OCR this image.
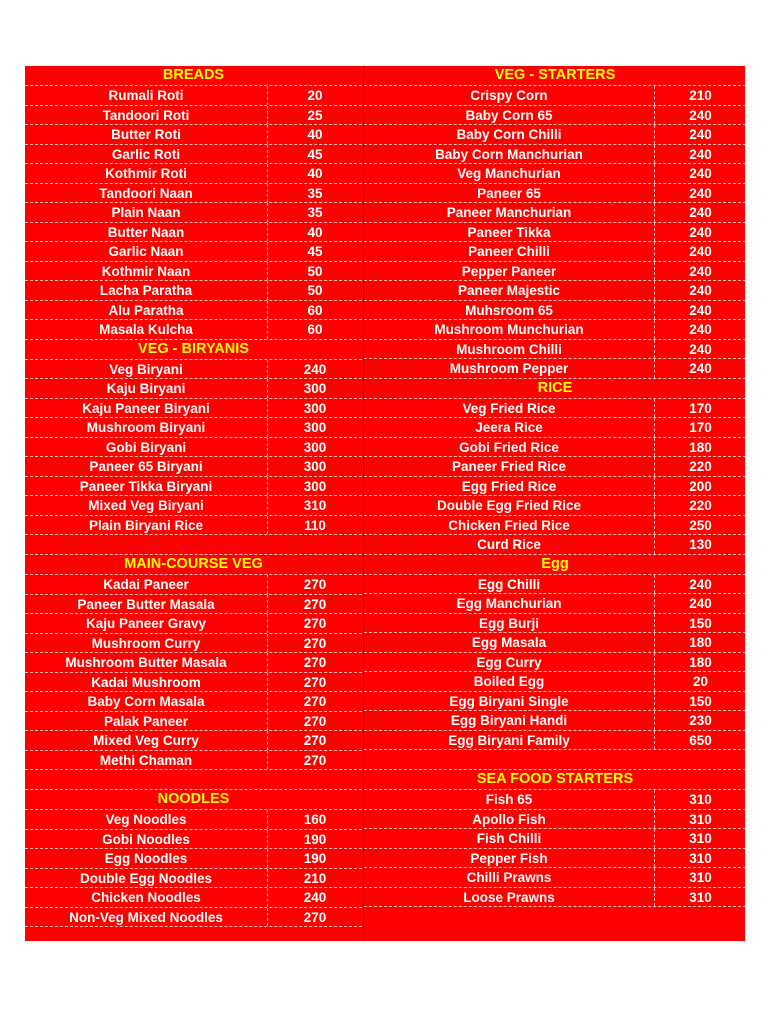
BREADS
Rumali Roti	20
Tandoori Roti	25
Butter Roti	40
Garlic Roti	45
Kothmir Roti	40
Tandoori Naan	35
Plain Naan	35
Butter Naan	40
Garlic Naan	45
Kothmir Naan	50
Lacha Paratha	50
Alu Paratha	60
Masala Kulcha	60
VEG - BIRYANIS
Veg Biryani	240
Kaju Biryani	300
Kaju Paneer Biryani	300
Mushroom Biryani	300
Gobi Biryani	300
Paneer 65 Biryani	300
Paneer Tikka Biryani	300
Mixed Veg Biryani	310
Plain Biryani Rice	110
MAIN-COURSE VEG
Kadai Paneer	270
Paneer Butter Masala	270
Kaju Paneer Gravy	270
Mushroom Curry	270
Mushroom Butter Masala	270
Kadai Mushroom	270
Baby Corn Masala	270
Palak Paneer	270
Mixed Veg Curry	270
Methi Chaman	270
NOODLES
Veg Noodles	160
Gobi Noodles	190
Egg Noodles	190
Double Egg Noodles	210
Chicken Noodles	240
Non-Veg Mixed Noodles	270
VEG - STARTERS
Crispy Corn	210
Baby Corn 65	240
Baby Corn Chilli	240
Baby Corn Manchurian	240
Veg Manchurian	240
Paneer 65	240
Paneer Manchurian	240
Paneer Tikka	240
Paneer Chilli	240
Pepper Paneer	240
Paneer Majestic	240
Muhsroom 65	240
Mushroom Munchurian	240
Mushroom Chilli	240
Mushroom Pepper	240
RICE
Veg Fried Rice	170
Jeera Rice	170
Gobi Fried Rice	180
Paneer Fried Rice	220
Egg Fried Rice	200
Double Egg Fried Rice	220
Chicken Fried Rice	250
Curd Rice	130
Egg
Egg Chilli	240
Egg Manchurian	240
Egg Burji	150
Egg Masala	180
Egg Curry	180
Boiled Egg	20
Egg Biryani Single	150
Egg Biryani Handi	230
Egg Biryani Family	650
SEA FOOD STARTERS
Fish 65	310
Apollo Fish	310
Fish Chilli	310
Pepper Fish	310
Chilli Prawns	310
Loose Prawns	310
